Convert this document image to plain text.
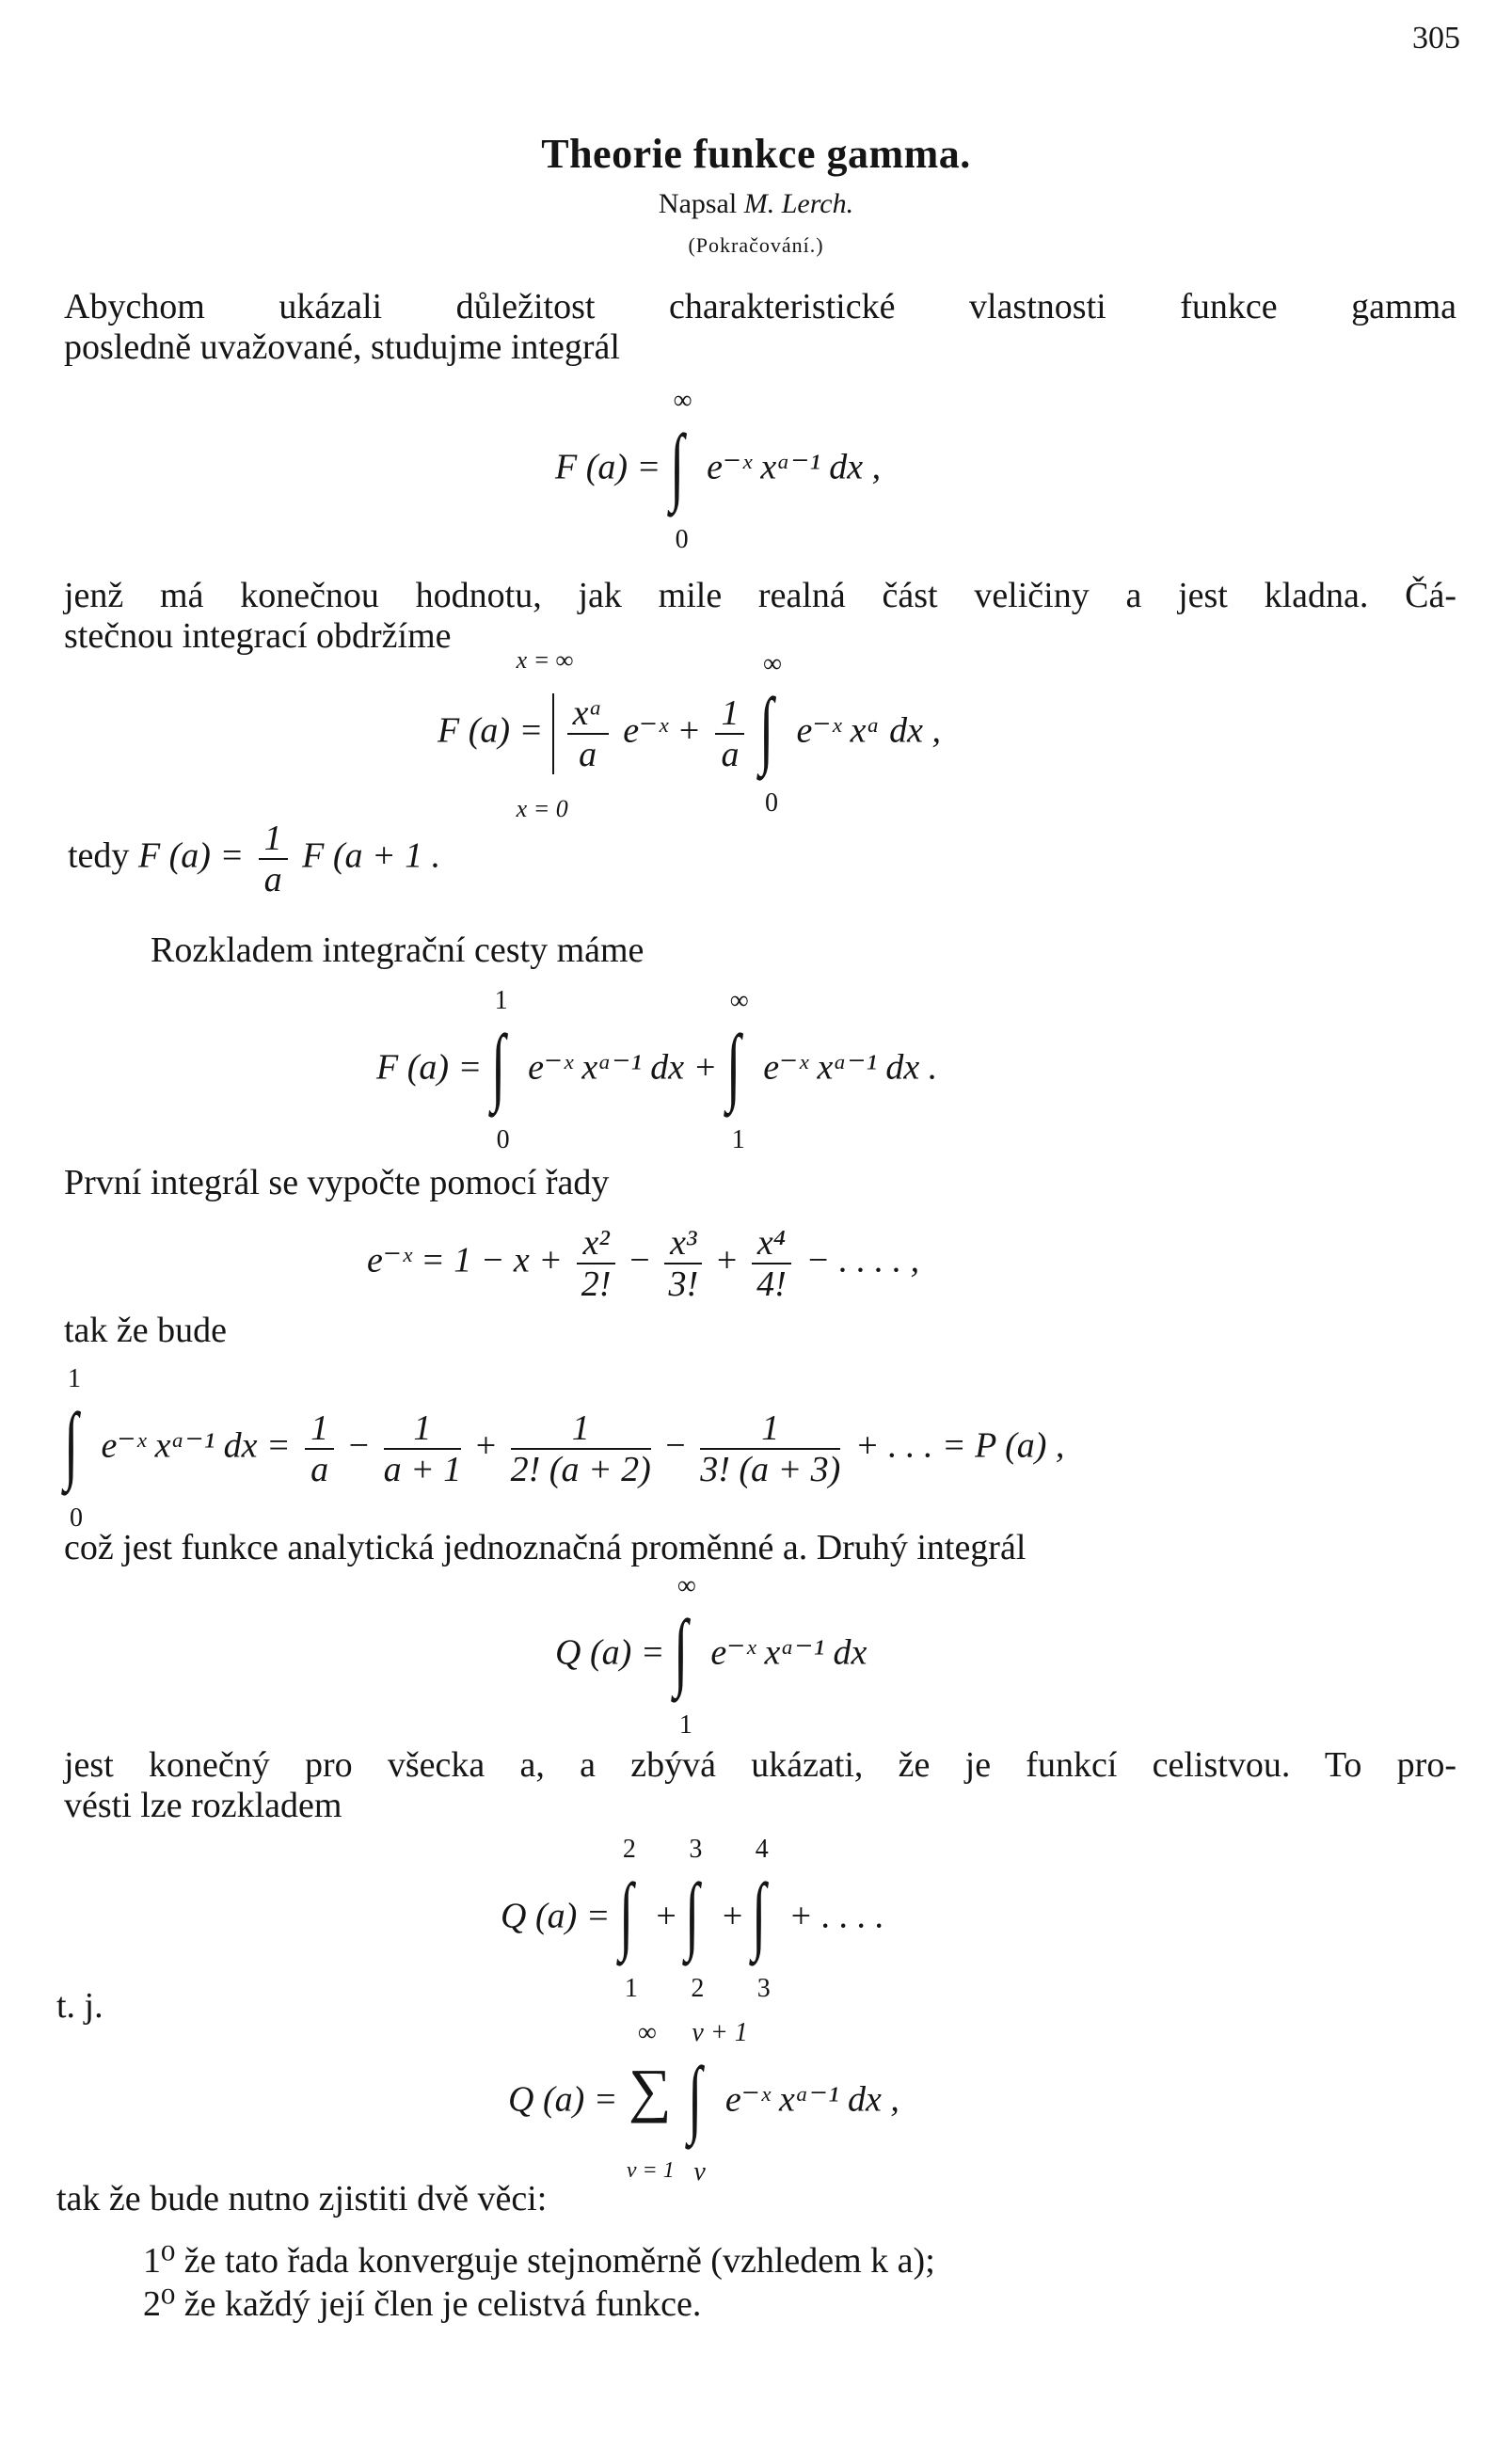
305
Theorie funkce gamma.
Napsal M. Lerch.
(Pokračování.)
Abychom ukázali důležitost charakteristické vlastnosti funkce gamma
posledně uvažované, studujme integrál
F (a) = ∫
∞
0
e⁻ˣ xᵃ⁻¹ dx ,
jenž má konečnou hodnotu, jak mile realná část veličiny a jest kladna. Čá-
stečnou integrací obdržíme
F (a) =
x = ∞
$\frac{\text{xᵃ}}{a}$
x = 0
e⁻ˣ + $\frac{1}{a}$
∫
∞
0
e⁻ˣ xᵃ dx ,
tedy F $(a) = \frac{1}{a}$ F (a + 1 .
Rozkladem integrační cesty máme
F (a) = ∫
1
0
e⁻ˣ xᵃ⁻¹ dx + ∫
∞
1
e⁻ˣ xᵃ⁻¹ dx .
První integrál se vypočte pomocí řady
e⁻ˣ = $1 - x + \frac{\text{x²}}{2!} - \frac{\text{x³}}{3!} + \frac{\text{x⁴}}{4!}$ − . . . . ,
tak že bude
∫
1
0
e⁻ˣ xᵃ⁻¹ dx = $\frac{1}{a} - \frac{1}{a + 1} + \frac{1}{2! (a + 2)} - \frac{1}{3! (a + 3)}$ + . . . = P (a) ,
což jest funkce analytická jednoznačná proměnné a. Druhý integrál
Q (a) = ∫
∞
1
e⁻ˣ xᵃ⁻¹ dx
jest konečný pro všecka a, a zbývá ukázati, že je funkcí celistvou. To pro-
vésti lze rozkladem
Q (a) = ∫
2
1
+ ∫
3
2
+ ∫
4
3
+ . . . .
t. j.
Q (a) =
∞
∑
ν = 1

∫
ν + 1
ν
e⁻ˣ xᵃ⁻¹ dx ,
tak že bude nutno zjistiti dvě věci:
1⁰ že tato řada konverguje stejnoměrně (vzhledem k a);
2⁰ že každý její člen je celistvá funkce.
